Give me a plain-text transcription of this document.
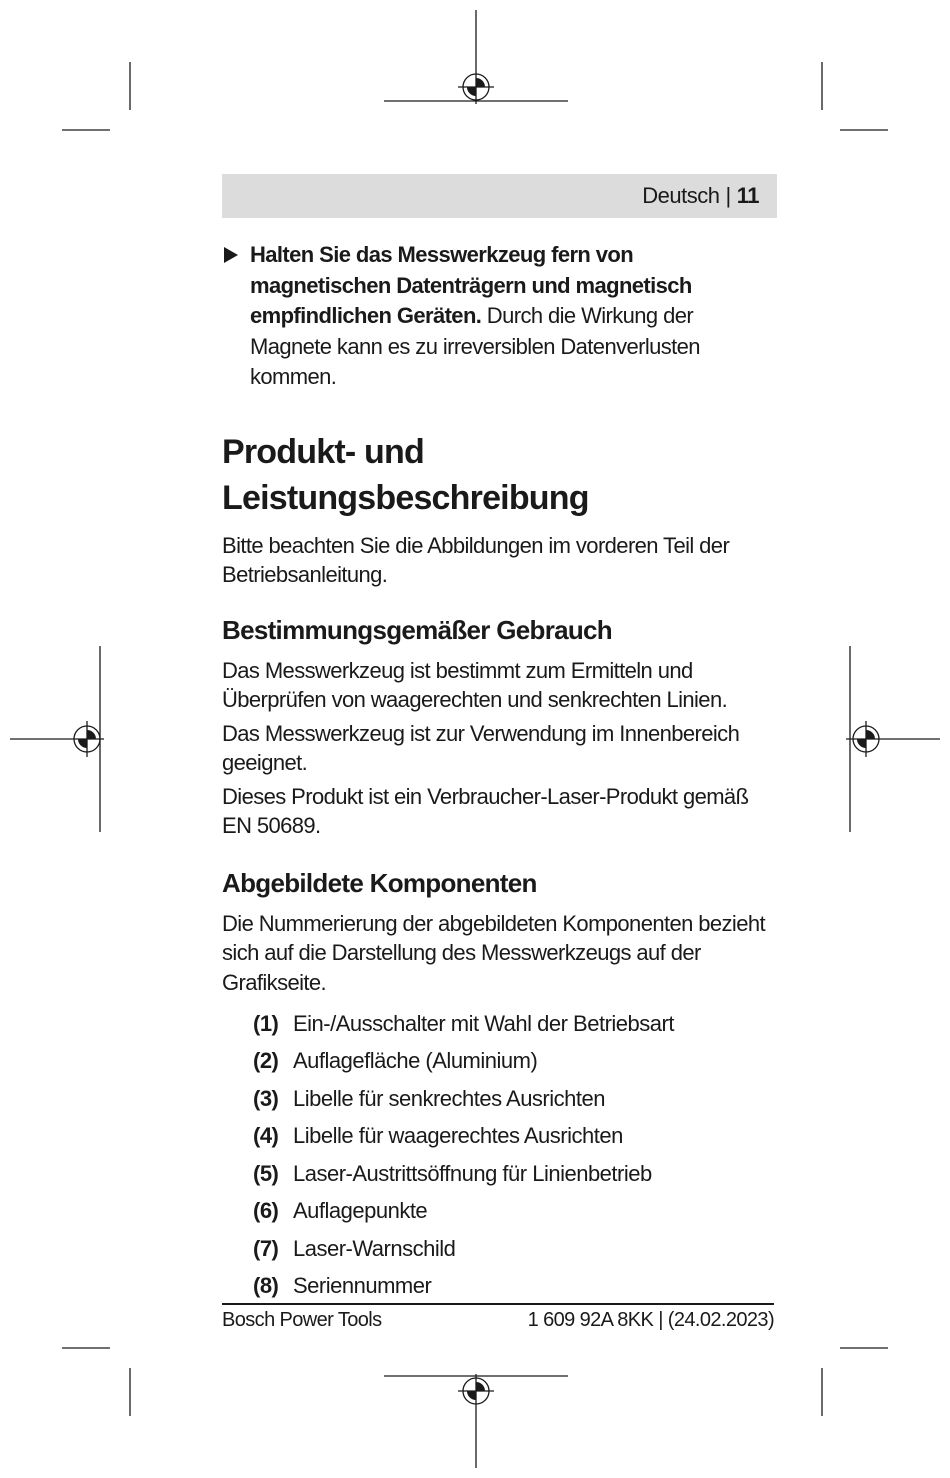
Deutsch | 11
Halten Sie das Messwerkzeug fern von magnetischen Datenträgern und magnetisch empfindlichen Geräten. Durch die Wirkung der Magnete kann es zu irreversiblen Datenverlusten kommen.
Produkt- und Leistungsbeschreibung

Bitte beachten Sie die Abbildungen im vorderen Teil der Betriebsanleitung.

Bestimmungsgemäßer Gebrauch

Das Messwerkzeug ist bestimmt zum Ermitteln und Überprüfen von waagerechten und senkrechten Linien.

Das Messwerkzeug ist zur Verwendung im Innenbereich geeignet.

Dieses Produkt ist ein Verbraucher-Laser-Produkt gemäß EN 50689.

Abgebildete Komponenten

Die Nummerierung der abgebildeten Komponenten bezieht sich auf die Darstellung des Messwerkzeugs auf der Grafikseite.

(1) Ein-/Ausschalter mit Wahl der Betriebsart
(2) Auflagefläche (Aluminium)
(3) Libelle für senkrechtes Ausrichten
(4) Libelle für waagerechtes Ausrichten
(5) Laser-Austrittsöffnung für Linienbetrieb
(6) Auflagepunkte
(7) Laser-Warnschild
(8) Seriennummer
Bosch Power Tools	1 609 92A 8KK | (24.02.2023)
